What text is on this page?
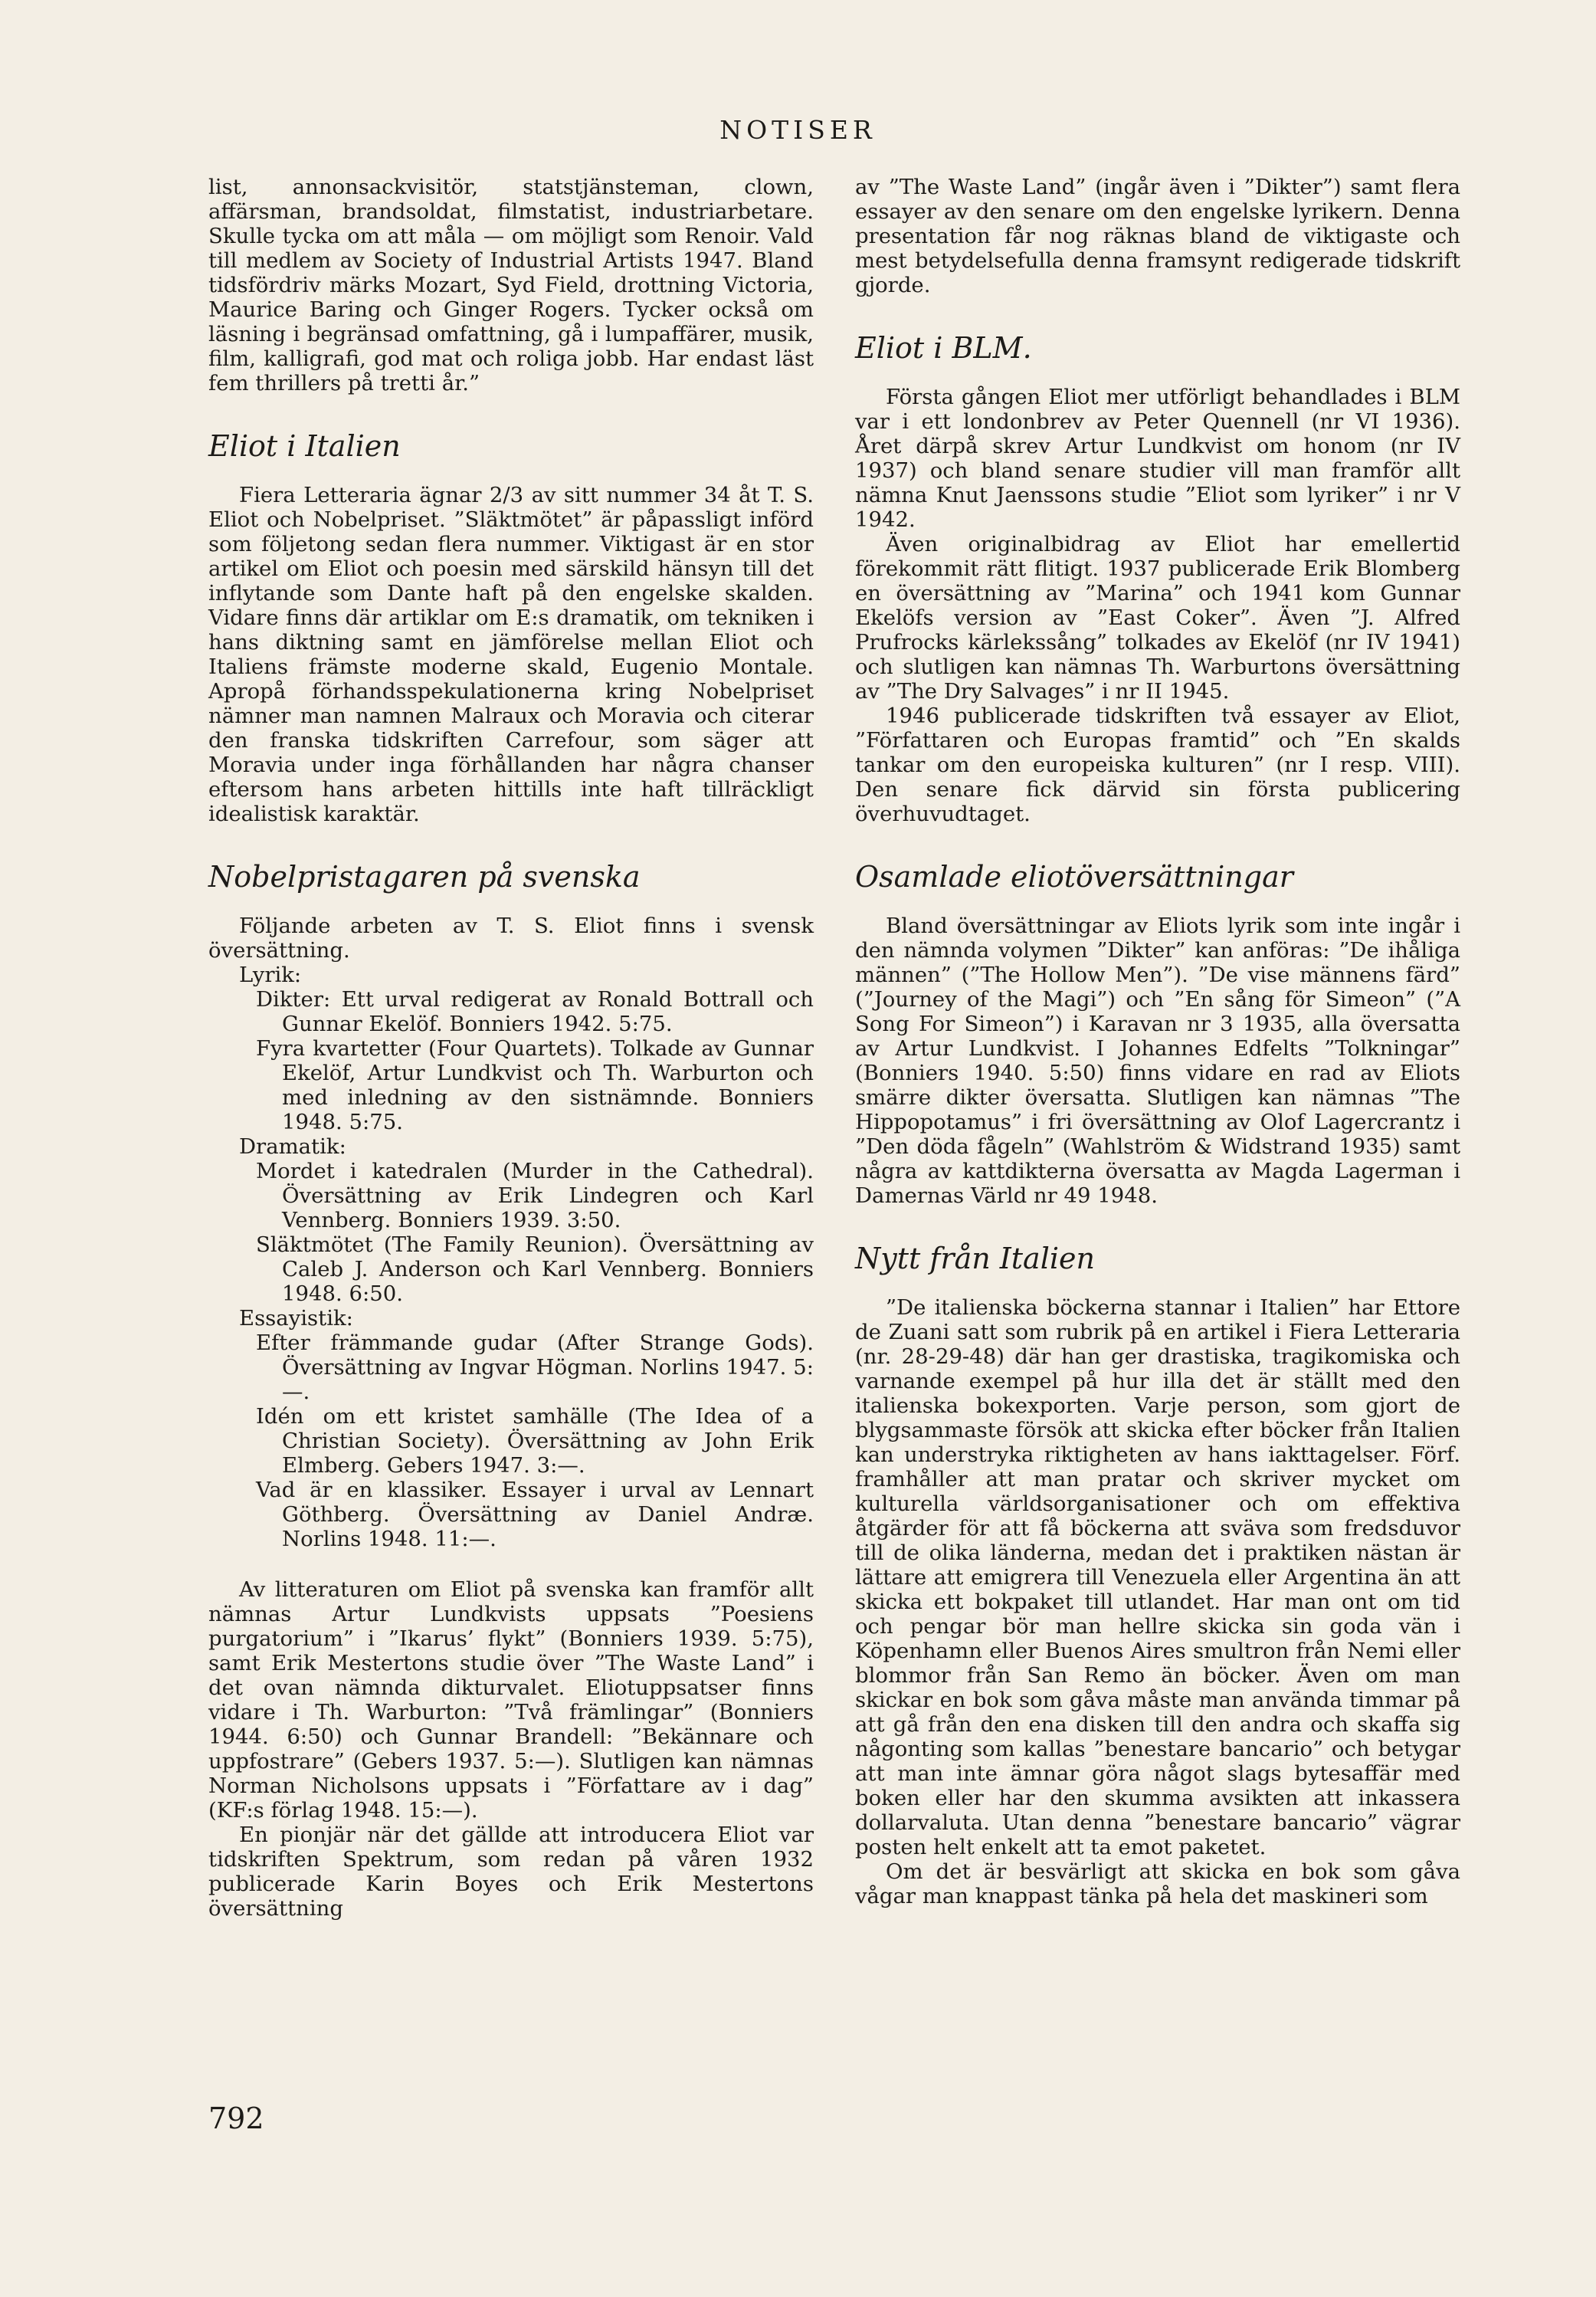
NOTISER

list, annonsackvisitör, statstjänsteman, clown, affärsman, brandsoldat, filmstatist, industriarbetare. Skulle tycka om att måla — om möjligt som Renoir. Vald till medlem av Society of Industrial Artists 1947. Bland tidsfördriv märks Mozart, Syd Field, drottning Victoria, Maurice Baring och Ginger Rogers. Tycker också om läsning i begränsad omfattning, gå i lumpaffärer, musik, film, kalligrafi, god mat och roliga jobb. Har endast läst fem thrillers på tretti år.”

Eliot i Italien

Fiera Letteraria ägnar 2/3 av sitt nummer 34 åt T. S. Eliot och Nobelpriset. ”Släktmötet” är påpassligt införd som följetong sedan flera nummer. Viktigast är en stor artikel om Eliot och poesin med särskild hänsyn till det inflytande som Dante haft på den engelske skalden. Vidare finns där artiklar om E:s dramatik, om tekniken i hans diktning samt en jämförelse mellan Eliot och Italiens främste moderne skald, Eugenio Montale. Apropå förhandsspekulationerna kring Nobelpriset nämner man namnen Malraux och Moravia och citerar den franska tidskriften Carrefour, som säger att Moravia under inga förhållanden har några chanser eftersom hans arbeten hittills inte haft tillräckligt idealistisk karaktär.

Nobelpristagaren på svenska

Följande arbeten av T. S. Eliot finns i svensk översättning.

Lyrik:
Dikter: Ett urval redigerat av Ronald Bottrall och Gunnar Ekelöf. Bonniers 1942. 5:75.
Fyra kvartetter (Four Quartets). Tolkade av Gunnar Ekelöf, Artur Lundkvist och Th. Warburton och med inledning av den sistnämnde. Bonniers 1948. 5:75.
Dramatik:
Mordet i katedralen (Murder in the Cathedral). Översättning av Erik Lindegren och Karl Vennberg. Bonniers 1939. 3:50.
Släktmötet (The Family Reunion). Översättning av Caleb J. Anderson och Karl Vennberg. Bonniers 1948. 6:50.
Essayistik:
Efter främmande gudar (After Strange Gods). Översättning av Ingvar Högman. Norlins 1947. 5:—.
Idén om ett kristet samhälle (The Idea of a Christian Society). Översättning av John Erik Elmberg. Gebers 1947. 3:—.
Vad är en klassiker. Essayer i urval av Lennart Göthberg. Översättning av Daniel Andræ. Norlins 1948. 11:—.

Av litteraturen om Eliot på svenska kan framför allt nämnas Artur Lundkvists uppsats ”Poesiens purgatorium” i ”Ikarus’ flykt” (Bonniers 1939. 5:75), samt Erik Mestertons studie över ”The Waste Land” i det ovan nämnda dikturvalet. Eliotuppsatser finns vidare i Th. Warburton: ”Två främlingar” (Bonniers 1944. 6:50) och Gunnar Brandell: ”Bekännare och uppfostrare” (Gebers 1937. 5:—). Slutligen kan nämnas Norman Nicholsons uppsats i ”Författare av i dag” (KF:s förlag 1948. 15:—).

En pionjär när det gällde att introducera Eliot var tidskriften Spektrum, som redan på våren 1932 publicerade Karin Boyes och Erik Mestertons översättning

av ”The Waste Land” (ingår även i ”Dikter”) samt flera essayer av den senare om den engelske lyrikern. Denna presentation får nog räknas bland de viktigaste och mest betydelsefulla denna framsynt redigerade tidskrift gjorde.

Eliot i BLM.

Första gången Eliot mer utförligt behandlades i BLM var i ett londonbrev av Peter Quennell (nr VI 1936). Året därpå skrev Artur Lundkvist om honom (nr IV 1937) och bland senare studier vill man framför allt nämna Knut Jaenssons studie ”Eliot som lyriker” i nr V 1942.

Även originalbidrag av Eliot har emellertid förekommit rätt flitigt. 1937 publicerade Erik Blomberg en översättning av ”Marina” och 1941 kom Gunnar Ekelöfs version av ”East Coker”. Även ”J. Alfred Prufrocks kärlekssång” tolkades av Ekelöf (nr IV 1941) och slutligen kan nämnas Th. Warburtons översättning av ”The Dry Salvages” i nr II 1945.

1946 publicerade tidskriften två essayer av Eliot, ”Författaren och Europas framtid” och ”En skalds tankar om den europeiska kulturen” (nr I resp. VIII). Den senare fick därvid sin första publicering överhuvudtaget.

Osamlade eliotöversättningar

Bland översättningar av Eliots lyrik som inte ingår i den nämnda volymen ”Dikter” kan anföras: ”De ihåliga männen” (”The Hollow Men”). ”De vise männens färd” (”Journey of the Magi”) och ”En sång för Simeon” (”A Song For Simeon”) i Karavan nr 3 1935, alla översatta av Artur Lundkvist. I Johannes Edfelts ”Tolkningar” (Bonniers 1940. 5:50) finns vidare en rad av Eliots smärre dikter översatta. Slutligen kan nämnas ”The Hippopotamus” i fri översättning av Olof Lagercrantz i ”Den döda fågeln” (Wahlström & Widstrand 1935) samt några av kattdikterna översatta av Magda Lagerman i Damernas Värld nr 49 1948.

Nytt från Italien

”De italienska böckerna stannar i Italien” har Ettore de Zuani satt som rubrik på en artikel i Fiera Letteraria (nr. 28-29-48) där han ger drastiska, tragikomiska och varnande exempel på hur illa det är ställt med den italienska bokexporten. Varje person, som gjort de blygsammaste försök att skicka efter böcker från Italien kan understryka riktigheten av hans iakttagelser. Förf. framhåller att man pratar och skriver mycket om kulturella världsorganisationer och om effektiva åtgärder för att få böckerna att sväva som fredsduvor till de olika länderna, medan det i praktiken nästan är lättare att emigrera till Venezuela eller Argentina än att skicka ett bokpaket till utlandet. Har man ont om tid och pengar bör man hellre skicka sin goda vän i Köpenhamn eller Buenos Aires smultron från Nemi eller blommor från San Remo än böcker. Även om man skickar en bok som gåva måste man använda timmar på att gå från den ena disken till den andra och skaffa sig någonting som kallas ”benestare bancario” och betygar att man inte ämnar göra något slags bytesaffär med boken eller har den skumma avsikten att inkassera dollarvaluta. Utan denna ”benestare bancario” vägrar posten helt enkelt att ta emot paketet.

Om det är besvärligt att skicka en bok som gåva vågar man knappast tänka på hela det maskineri som

792
